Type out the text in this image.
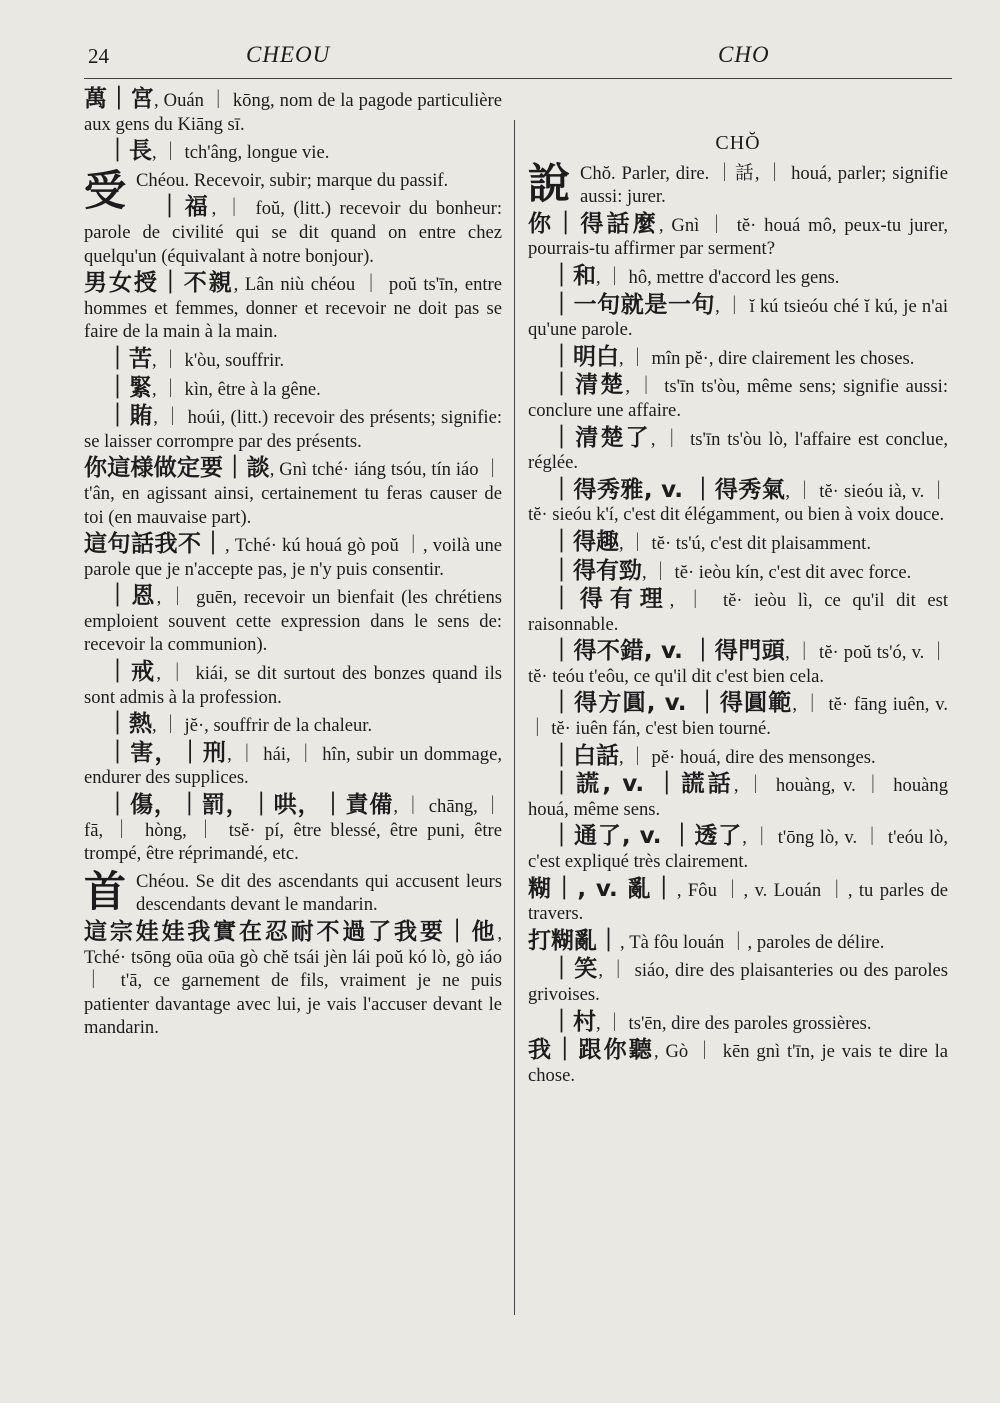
24	CHEOU	CHO

萬｜宮, Ouán ｜ kōng, nom de la pagode particulière aux gens du Kiāng sī.

｜長, ｜ tch'âng, longue vie.

受 Chéou. Recevoir, subir; marque du passif.

｜福, ｜ foŭ, (litt.) recevoir du bonheur: parole de civilité qui se dit quand on entre chez quelqu'un (équivalant à notre bonjour).

男女授｜不親, Lân niù chéou ｜ poŭ ts'īn, entre hommes et femmes, donner et recevoir ne doit pas se faire de la main à la main.

｜苦, ｜ k'òu, souffrir.

｜緊, ｜ kìn, être à la gêne.

｜賄, ｜ hoúi, (litt.) recevoir des présents; signifie: se laisser corrompre par des présents.

你這様做定要｜談, Gnì tché· iáng tsóu, tín iáo ｜ t'ân, en agissant ainsi, certainement tu feras causer de toi (en mauvaise part).

這句話我不｜, Tché· kú houá gò poŭ ｜, voilà une parole que je n'accepte pas, je n'y puis consentir.

｜恩, ｜ guēn, recevoir un bienfait (les chrétiens emploient souvent cette expression dans le sens de: recevoir la communion).

｜戒, ｜ kiái, se dit surtout des bonzes quand ils sont admis à la profession.

｜熱, ｜ jĕ·, souffrir de la chaleur.

｜害，｜刑, ｜ hái, ｜ hîn, subir un dommage, endurer des supplices.

｜傷，｜罰，｜哄，｜責備, ｜ chāng, ｜ fā, ｜ hòng, ｜ tsĕ· pí, être blessé, être puni, être trompé, être réprimandé, etc.

首 Chéou. Se dit des ascendants qui accusent leurs descendants devant le mandarin.

這宗娃娃我實在忍耐不過了我要｜他, Tché· tsōng oūa oūa gò chĕ tsái jèn lái poŭ kó lò, gò iáo ｜ t'ā, ce garnement de fils, vraiment je ne puis patienter davantage avec lui, je vais l'accuser devant le mandarin.

CHŎ

說 Chŏ. Parler, dire. ｜話, ｜ houá, parler; signifie aussi: jurer.

你｜得話麼, Gnì ｜ tĕ· houá mô, peux-tu jurer, pourrais-tu affirmer par serment?

｜和, ｜ hô, mettre d'accord les gens.

｜一句就是一句, ｜ ĭ kú tsieóu ché ĭ kú, je n'ai qu'une parole.

｜明白, ｜ mîn pĕ·, dire clairement les choses.

｜清楚, ｜ ts'īn ts'òu, même sens; signifie aussi: conclure une affaire.

｜清楚了, ｜ ts'īn ts'òu lò, l'affaire est conclue, réglée.

｜得秀雅, v. ｜得秀氣, ｜ tĕ· sieóu ià, v. ｜ tĕ· sieóu k'í, c'est dit élégamment, ou bien à voix douce.

｜得趣, ｜ tĕ· ts'ú, c'est dit plaisamment.

｜得有勁, ｜ tĕ· ieòu kín, c'est dit avec force.

｜得有理, ｜ tĕ· ieòu lì, ce qu'il dit est raisonnable.

｜得不錯, v. ｜得門頭, ｜ tĕ· poŭ ts'ó, v. ｜ tĕ· teóu t'eôu, ce qu'il dit c'est bien cela.

｜得方圓, v. ｜得圓範, ｜ tĕ· fāng iuên, v. ｜ tĕ· iuên fán, c'est bien tourné.

｜白話, ｜ pĕ· houá, dire des mensonges.

｜謊, v. ｜謊話, ｜ houàng, v. ｜ houàng houá, même sens.

｜通了, v. ｜透了, ｜ t'ōng lò, v. ｜ t'eóu lò, c'est expliqué très clairement.

糊｜, v. 亂｜, Fôu ｜, v. Louán ｜, tu parles de travers.

打糊亂｜, Tà fôu louán ｜, paroles de délire.

｜笑, ｜ siáo, dire des plaisanteries ou des paroles grivoises.

｜村, ｜ ts'ēn, dire des paroles grossières.

我｜跟你聽, Gò ｜ kēn gnì t'īn, je vais te dire la chose.
